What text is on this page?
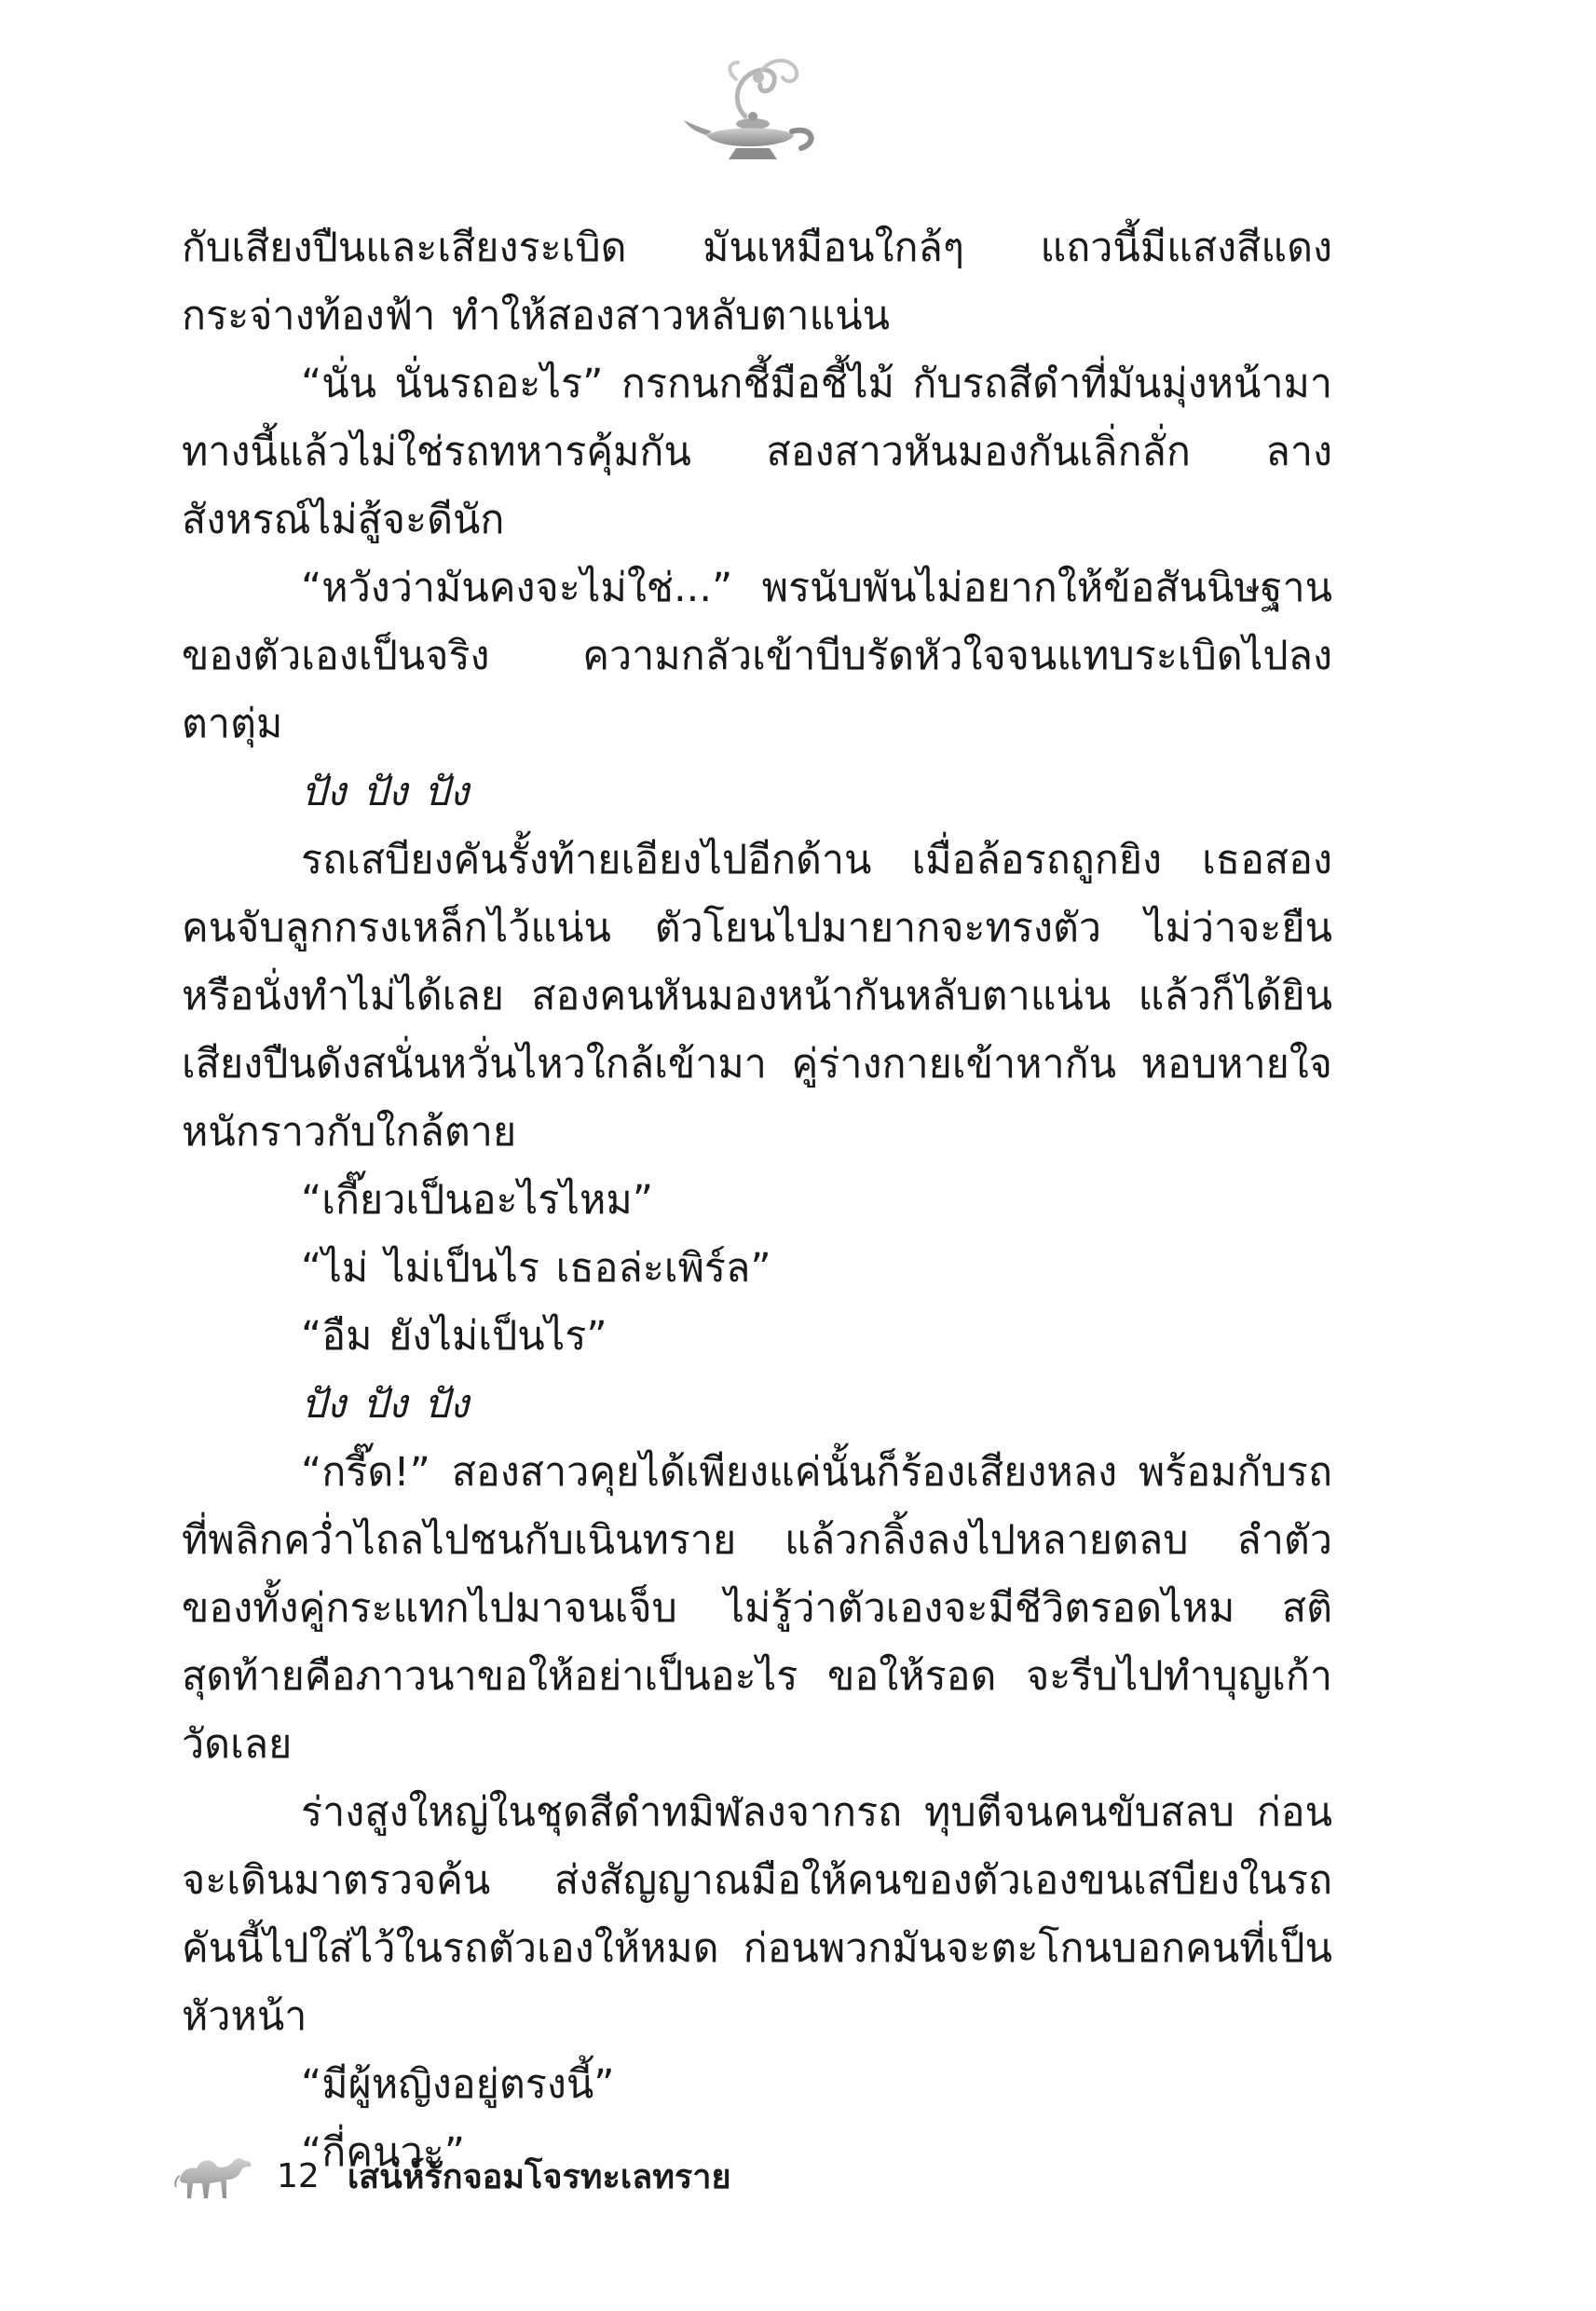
กับเสียงปืนและเสียงระเบิด มันเหมือนใกล้ๆ แถวนี้มีแสงสีแดงกระจ่างท้องฟ้า ทำให้สองสาวหลับตาแน่น

“นั่น นั่นรถอะไร” กรกนกชี้มือชี้ไม้ กับรถสีดำที่มันมุ่งหน้ามาทางนี้แล้วไม่ใช่รถทหารคุ้มกัน สองสาวหันมองกันเลิ่กลั่ก ลางสังหรณ์ไม่สู้จะดีนัก

“หวังว่ามันคงจะไม่ใช่...” พรนับพันไม่อยากให้ข้อสันนิษฐานของตัวเองเป็นจริง ความกลัวเข้าบีบรัดหัวใจจนแทบระเบิดไปลงตาตุ่ม

ปัง ปัง ปัง

รถเสบียงคันรั้งท้ายเอียงไปอีกด้าน เมื่อล้อรถถูกยิง เธอสองคนจับลูกกรงเหล็กไว้แน่น ตัวโยนไปมายากจะทรงตัว ไม่ว่าจะยืนหรือนั่งทำไม่ได้เลย สองคนหันมองหน้ากันหลับตาแน่น แล้วก็ได้ยินเสียงปืนดังสนั่นหวั่นไหวใกล้เข้ามา คู่ร่างกายเข้าหากัน หอบหายใจหนักราวกับใกล้ตาย

“เกี๊ยวเป็นอะไรไหม”

“ไม่ ไม่เป็นไร เธอล่ะเพิร์ล”

“อืม ยังไม่เป็นไร”

ปัง ปัง ปัง

“กรี๊ด!” สองสาวคุยได้เพียงแค่นั้นก็ร้องเสียงหลง พร้อมกับรถที่พลิกคว่ำไถลไปชนกับเนินทราย แล้วกลิ้งลงไปหลายตลบ ลำตัวของทั้งคู่กระแทกไปมาจนเจ็บ ไม่รู้ว่าตัวเองจะมีชีวิตรอดไหม สติสุดท้ายคือภาวนาขอให้อย่าเป็นอะไร ขอให้รอด จะรีบไปทำบุญเก้าวัดเลย

ร่างสูงใหญ่ในชุดสีดำทมิฬลงจากรถ ทุบตีจนคนขับสลบ ก่อนจะเดินมาตรวจค้น ส่งสัญญาณมือให้คนของตัวเองขนเสบียงในรถคันนี้ไปใส่ไว้ในรถตัวเองให้หมด ก่อนพวกมันจะตะโกนบอกคนที่เป็นหัวหน้า

“มีผู้หญิงอยู่ตรงนี้”

“กี่คนวะ”

12 เสน่ห์รักจอมโจรทะเลทราย
